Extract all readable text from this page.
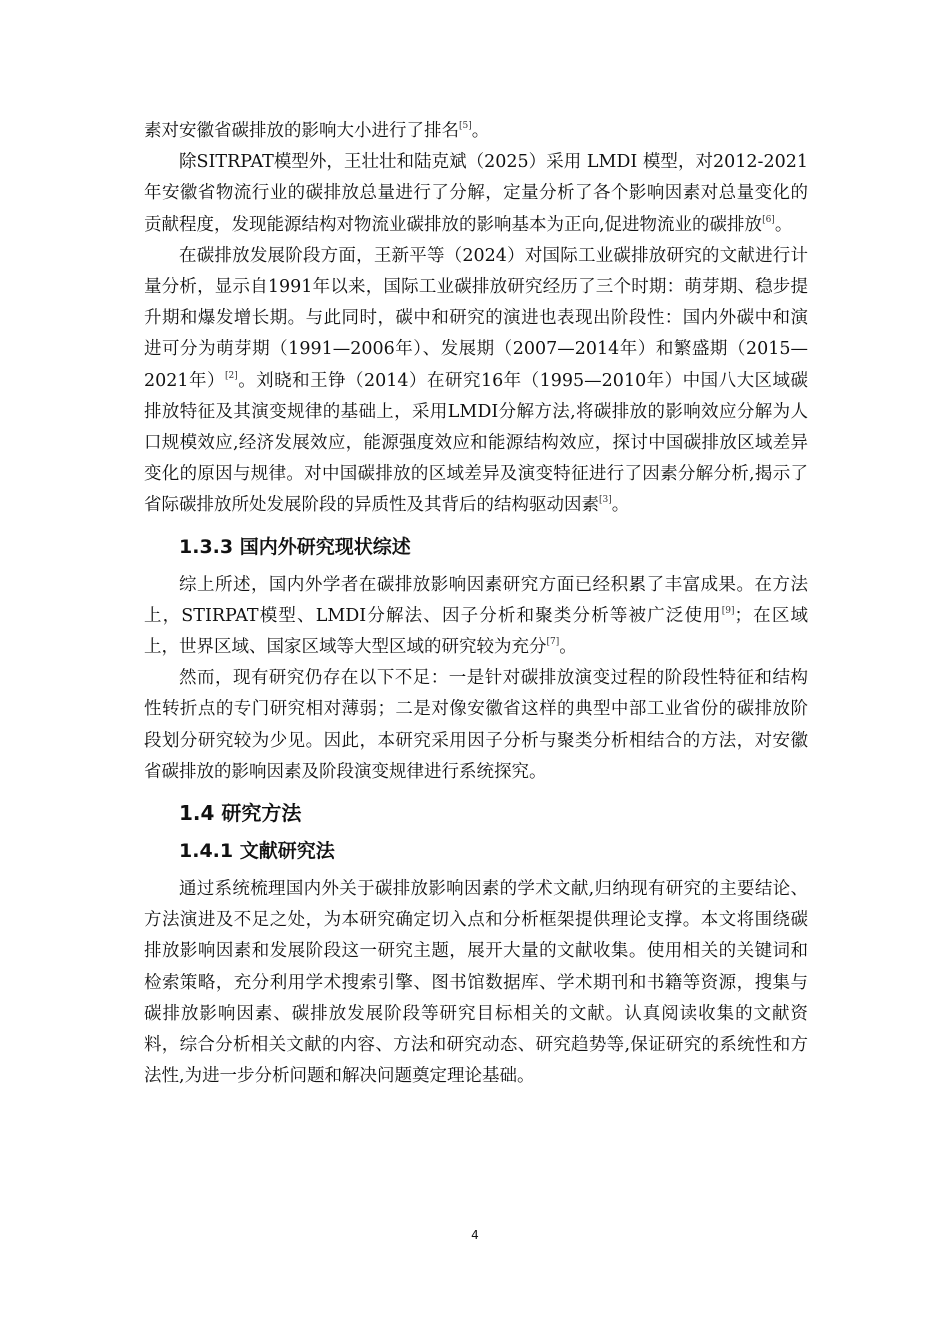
素对安徽省碳排放的影响大小进行了排名[5]。

除SITRPAT模型外，王壮壮和陆克斌（2025）采用 LMDI 模型，对2012-2021年安徽省物流行业的碳排放总量进行了分解，定量分析了各个影响因素对总量变化的贡献程度，发现能源结构对物流业碳排放的影响基本为正向,促进物流业的碳排放[6]。

在碳排放发展阶段方面，王新平等（2024）对国际工业碳排放研究的文献进行计量分析，显示自1991年以来，国际工业碳排放研究经历了三个时期：萌芽期、稳步提升期和爆发增长期。与此同时，碳中和研究的演进也表现出阶段性：国内外碳中和演进可分为萌芽期（1991—2006年）、发展期（2007—2014年）和繁盛期（2015—2021年）[2]。刘晓和王铮（2014）在研究16年（1995—2010年）中国八大区域碳排放特征及其演变规律的基础上，采用LMDI分解方法,将碳排放的影响效应分解为人口规模效应,经济发展效应，能源强度效应和能源结构效应，探讨中国碳排放区域差异变化的原因与规律。对中国碳排放的区域差异及演变特征进行了因素分解分析,揭示了省际碳排放所处发展阶段的异质性及其背后的结构驱动因素[3]。

1.3.3 国内外研究现状综述

综上所述，国内外学者在碳排放影响因素研究方面已经积累了丰富成果。在方法上，STIRPAT模型、LMDI分解法、因子分析和聚类分析等被广泛使用[9]；在区域上，世界区域、国家区域等大型区域的研究较为充分[7]。

然而，现有研究仍存在以下不足：一是针对碳排放演变过程的阶段性特征和结构性转折点的专门研究相对薄弱；二是对像安徽省这样的典型中部工业省份的碳排放阶段划分研究较为少见。因此，本研究采用因子分析与聚类分析相结合的方法，对安徽省碳排放的影响因素及阶段演变规律进行系统探究。

1.4 研究方法
1.4.1 文献研究法

通过系统梳理国内外关于碳排放影响因素的学术文献,归纳现有研究的主要结论、方法演进及不足之处，为本研究确定切入点和分析框架提供理论支撑。本文将围绕碳排放影响因素和发展阶段这一研究主题，展开大量的文献收集。使用相关的关键词和检索策略，充分利用学术搜索引擎、图书馆数据库、学术期刊和书籍等资源，搜集与碳排放影响因素、碳排放发展阶段等研究目标相关的文献。认真阅读收集的文献资料，综合分析相关文献的内容、方法和研究动态、研究趋势等,保证研究的系统性和方法性,为进一步分析问题和解决问题奠定理论基础。

4
